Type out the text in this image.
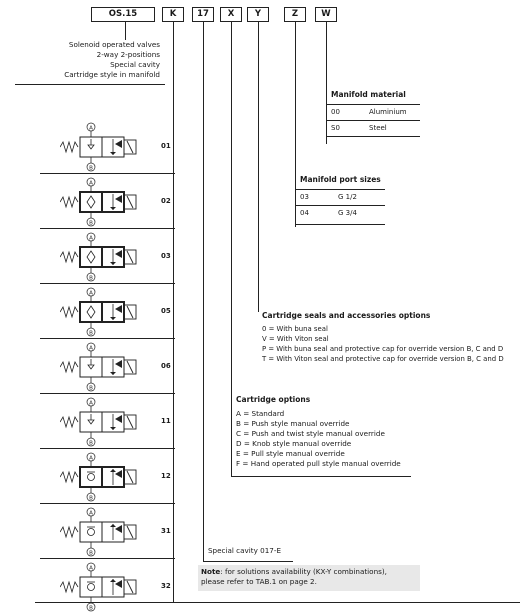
OS.15	K	17	X	Y	Z	W
Solenoid operated valves
2-way 2-positions
Special cavity
Cartridge style in manifold
Manifold material
00	Aluminium
S0	Steel
Manifold port sizes
03	G 1/2
04	G 3/4
Cartridge seals and accessories options
0 = With buna seal
V = With Viton seal
P = With buna seal and protective cap for override version B, C and D
T = With Viton seal and protective cap for override version B, C and D
Cartridge options
A = Standard
B = Push style manual override
C = Push and twist style manual override
D = Knob style manual override
E = Pull style manual override
F = Hand operated pull style manual override
Special cavity 017-E
Note: for solutions availability (KX-Y combinations),
please refer to TAB.1 on page 2.
A
B
01
A
B
02
A
B
03
A
B
05
A
B
06
A
B
11
A
B
12
A
B
31
A
B
32
